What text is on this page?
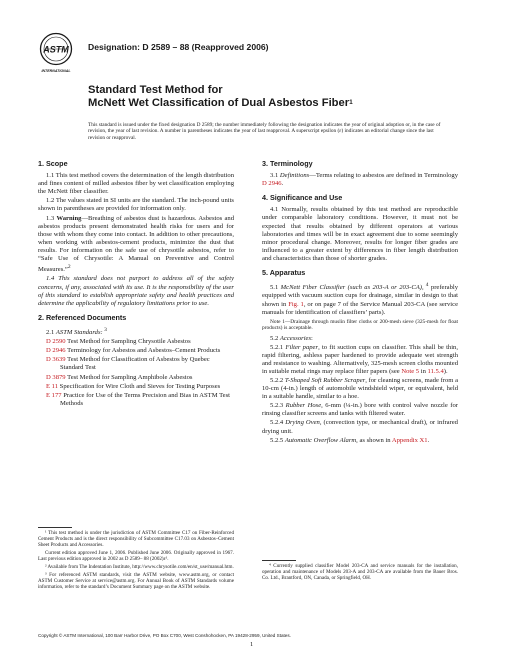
ASTM
INTERNATIONAL
Designation: D 2589 – 88 (Reapproved 2006)
Standard Test Method for
McNett Wet Classification of Dual Asbestos Fiber$^1$
This standard is issued under the fixed designation D 2589; the number immediately following the designation indicates the year of original adoption or, in the case of revision, the year of last revision. A number in parentheses indicates the year of last reapproval. A superscript epsilon (ε) indicates an editorial change since the last revision or reapproval.
1. Scope
1.1 This test method covers the determination of the length distribution and fines content of milled asbestos fiber by wet classification employing the McNett fiber classifier.
1.2 The values stated in SI units are the standard. The inch-pound units shown in parentheses are provided for information only.
1.3 Warning—Breathing of asbestos dust is hazardous. Asbestos and asbestos products present demonstrated health risks for users and for those with whom they come into contact. In addition to other precautions, when working with asbestos-cement products, minimize the dust that results. For information on the safe use of chrysotile asbestos, refer to “Safe Use of Chrysotile: A Manual on Preventive and Control Measures.”$^2$
1.4 This standard does not purport to address all of the safety concerns, if any, associated with its use. It is the responsibility of the user of this standard to establish appropriate safety and health practices and determine the applicability of regulatory limitations prior to use.
2. Referenced Documents
2.1 ASTM Standards: $^3$
D 2590 Test Method for Sampling Chrysotile Asbestos
D 2946 Terminology for Asbestos and Asbestos–Cement Products
D 3639 Test Method for Classification of Asbestos by Quebec Standard Test
D 3879 Test Method for Sampling Amphibole Asbestos
E 11 Specification for Wire Cloth and Sieves for Testing Purposes
E 177 Practice for Use of the Terms Precision and Bias in ASTM Test Methods

¹ This test method is under the jurisdiction of ASTM Committee C17 on Fiber-Reinforced Cement Products and is the direct responsibility of Subcommittee C17.03 on Asbestos–Cement Sheet Products and Accessories.

Current edition approved June 1, 2006. Published June 2006. Originally approved in 1967. Last previous edition approved in 2002 as D 2589– 88 (2002)ε¹.

² Available from The Indentation Institute, http://www.chrysotile.com/en/st_use/manual.htm.

³ For referenced ASTM standards, visit the ASTM website, www.astm.org, or contact ASTM Customer Service at service@astm.org. For Annual Book of ASTM Standards volume information, refer to the standard’s Document Summary page on the ASTM website.

3. Terminology
3.1 Definitions—Terms relating to asbestos are defined in Terminology D 2946.
4. Significance and Use
4.1 Normally, results obtained by this test method are reproducible under comparable laboratory conditions. However, it must not be expected that results obtained by different operators at various laboratories and times will be in exact agreement due to some seemingly minor procedural change. Moreover, results for longer fiber grades are influenced to a greater extent by differences in fiber length distribution and characteristics than those of shorter grades.
5. Apparatus
5.1 McNett Fiber Classifier (such as 203-A or 203-CA), $^4$ preferably equipped with vacuum suction cups for drainage, similar in design to that shown in Fig. 1, or on page 7 of the Service Manual 203-CA (see service manuals for identification of classifiers’ parts).
Note 1—Drainage through muslin filter cloths or 200-mesh sieve (325-mesh for float products) is acceptable.
5.2 Accessories:
5.2.1 Filter paper, to fit suction cups on classifier. This shall be thin, rapid filtering, ashless paper hardened to provide adequate wet strength and resistance to washing. Alternatively, 325-mesh screen cloths mounted in suitable metal rings may replace filter papers (see Note 5 in 11.5.4).
5.2.2 T-Shaped Soft Rubber Scraper, for cleaning screens, made from a 10-cm (4-in.) length of automobile windshield wiper, or equivalent, held in a suitable handle, similar to a hoe.
5.2.3 Rubber Hose, 6-mm (¼-in.) bore with control valve nozzle for rinsing classifier screens and tanks with filtered water.
5.2.4 Drying Oven, (convection type, or mechanical draft), or infrared drying unit.
5.2.5 Automatic Overflow Alarm, as shown in Appendix X1.

⁴ Currently supplied classifier Model 203-CA and service manuals for the installation, operation and maintenance of Models 203-A and 203-CA are available from the Bauer Bros. Co. Ltd., Brantford, ON, Canada, or Springfield, OH.

Copyright © ASTM International, 100 Barr Harbor Drive, PO Box C700, West Conshohocken, PA 19428-2959, United States.
1
